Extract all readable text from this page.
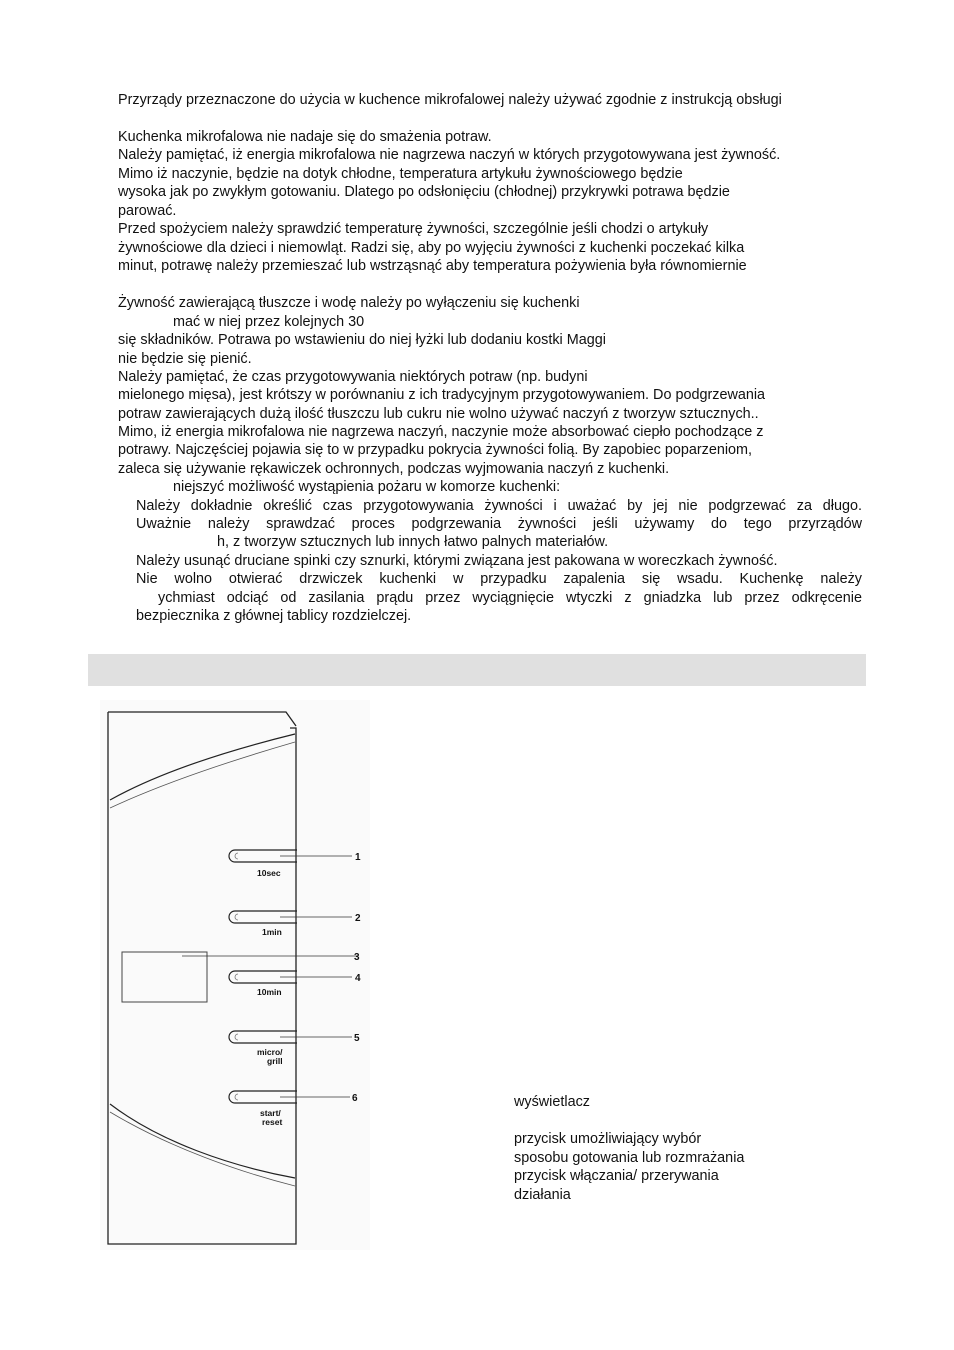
Przyrządy przeznaczone do użycia w kuchence mikrofalowej należy używać zgodnie z instrukcją obsługi
Kuchenka mikrofalowa nie nadaje się do smażenia potraw.
Należy pamiętać, iż energia mikrofalowa nie nagrzewa naczyń w których przygotowywana jest żywność.
Mimo iż naczynie, będzie na dotyk chłodne, temperatura artykułu żywnościowego będzie
wysoka jak po zwykłym gotowaniu. Dlatego po odsłonięciu (chłodnej) przykrywki potrawa będzie
parować.
Przed spożyciem należy sprawdzić temperaturę żywności, szczególnie jeśli chodzi o artykuły
żywnościowe dla dzieci i niemowląt. Radzi się, aby po wyjęciu żywności z kuchenki poczekać kilka
minut, potrawę należy przemieszać lub wstrząsnąć aby temperatura pożywienia była równomiernie
Żywność zawierającą tłuszcze i wodę należy po wyłączeniu się kuchenki
mać w niej przez kolejnych 30
się składników. Potrawa po wstawieniu do niej łyżki lub dodaniu kostki Maggi
nie będzie się pienić.
Należy pamiętać, że czas przygotowywania niektórych potraw (np. budyni
mielonego mięsa), jest krótszy w porównaniu z ich tradycyjnym przygotowywaniem. Do podgrzewania
potraw zawierających dużą ilość tłuszczu lub cukru nie wolno używać naczyń z tworzyw sztucznych..
Mimo, iż energia mikrofalowa nie nagrzewa naczyń, naczynie może absorbować ciepło pochodzące z
potrawy. Najczęściej pojawia się to w przypadku pokrycia żywności folią. By zapobiec poparzeniom,
zaleca się używanie rękawiczek ochronnych, podczas wyjmowania naczyń z kuchenki.
niejszyć możliwość wystąpienia pożaru w komorze kuchenki:
Należy dokładnie określić czas przygotowywania żywności i uważać by jej nie podgrzewać za długo.
Uważnie należy sprawdzać proces podgrzewania żywności jeśli używamy do tego przyrządów
h, z tworzyw sztucznych lub innych łatwo palnych materiałów.
Należy usunąć druciane spinki czy sznurki, którymi związana jest pakowana w woreczkach żywność.
Nie wolno otwierać drzwiczek kuchenki w przypadku zapalenia się wsadu. Kuchenkę należy
ychmiast odciąć od zasilania prądu przez wyciągnięcie wtyczki z gniadzka lub przez odkręcenie
bezpiecznika z głównej tablicy rozdzielczej.
3
1
10sec
2
1min
4
10min
5
micro/
grill
6
start/
reset
wyświetlacz
przycisk umożliwiający wybór
sposobu gotowania lub rozmrażania
przycisk włączania/ przerywania
działania
